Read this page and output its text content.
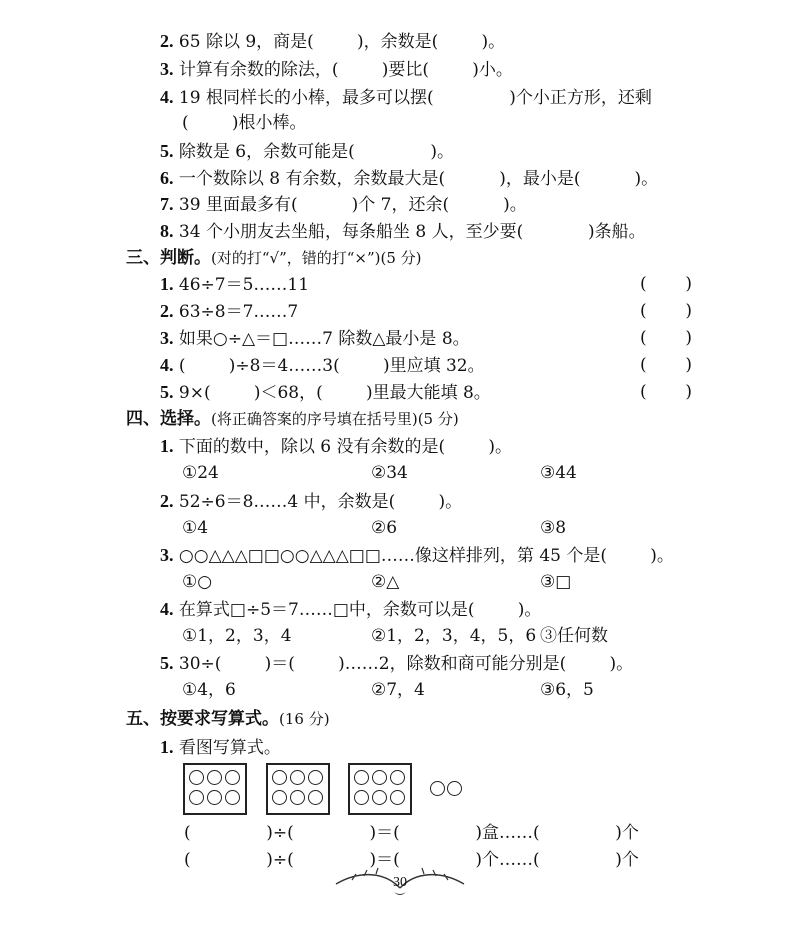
2. 65 除以 9，商是(        )，余数是(        )。
3. 计算有余数的除法，(        )要比(        )小。
4. 19 根同样长的小棒，最多可以摆(              )个小正方形，还剩
(        )根小棒。
5. 除数是 6，余数可能是(              )。
6. 一个数除以 8 有余数，余数最大是(          )，最小是(          )。
7. 39 里面最多有(          )个 7，还余(          )。
8. 34 个小朋友去坐船，每条船坐 8 人，至少要(            )条船。
三、判断。(对的打“√”，错的打“×”)(5 分)
1. 46÷7＝5……11	( )
2. 63÷8＝7……7	( )
3. 如果○÷△＝□……7 除数△最小是 8。	( )
4. (        )÷8＝4……3(        )里应填 32。	( )
5. 9×(        )＜68，(        )里最大能填 8。	( )
四、选择。(将正确答案的序号填在括号里)(5 分)
1. 下面的数中，除以 6 没有余数的是(        )。
①24	②34	③44
2. 52÷6＝8……4 中，余数是(        )。
①4	②6	③8
3. ○○△△△□□○○△△△□□……像这样排列，第 45 个是(        )。
①○	②△	③□
4. 在算式□÷5＝7……□中，余数可以是(        )。
①1，2，3，4	②1，2，3，4，5，6 ③任何数
5. 30÷(        )＝(        )……2，除数和商可能分别是(        )。
①4，6	②7，4	③6，5
五、按要求写算式。(16 分)
1. 看图写算式。
(              )÷(              )＝(              )盒……(              )个
(              )÷(              )＝(              )个……(              )个
30
